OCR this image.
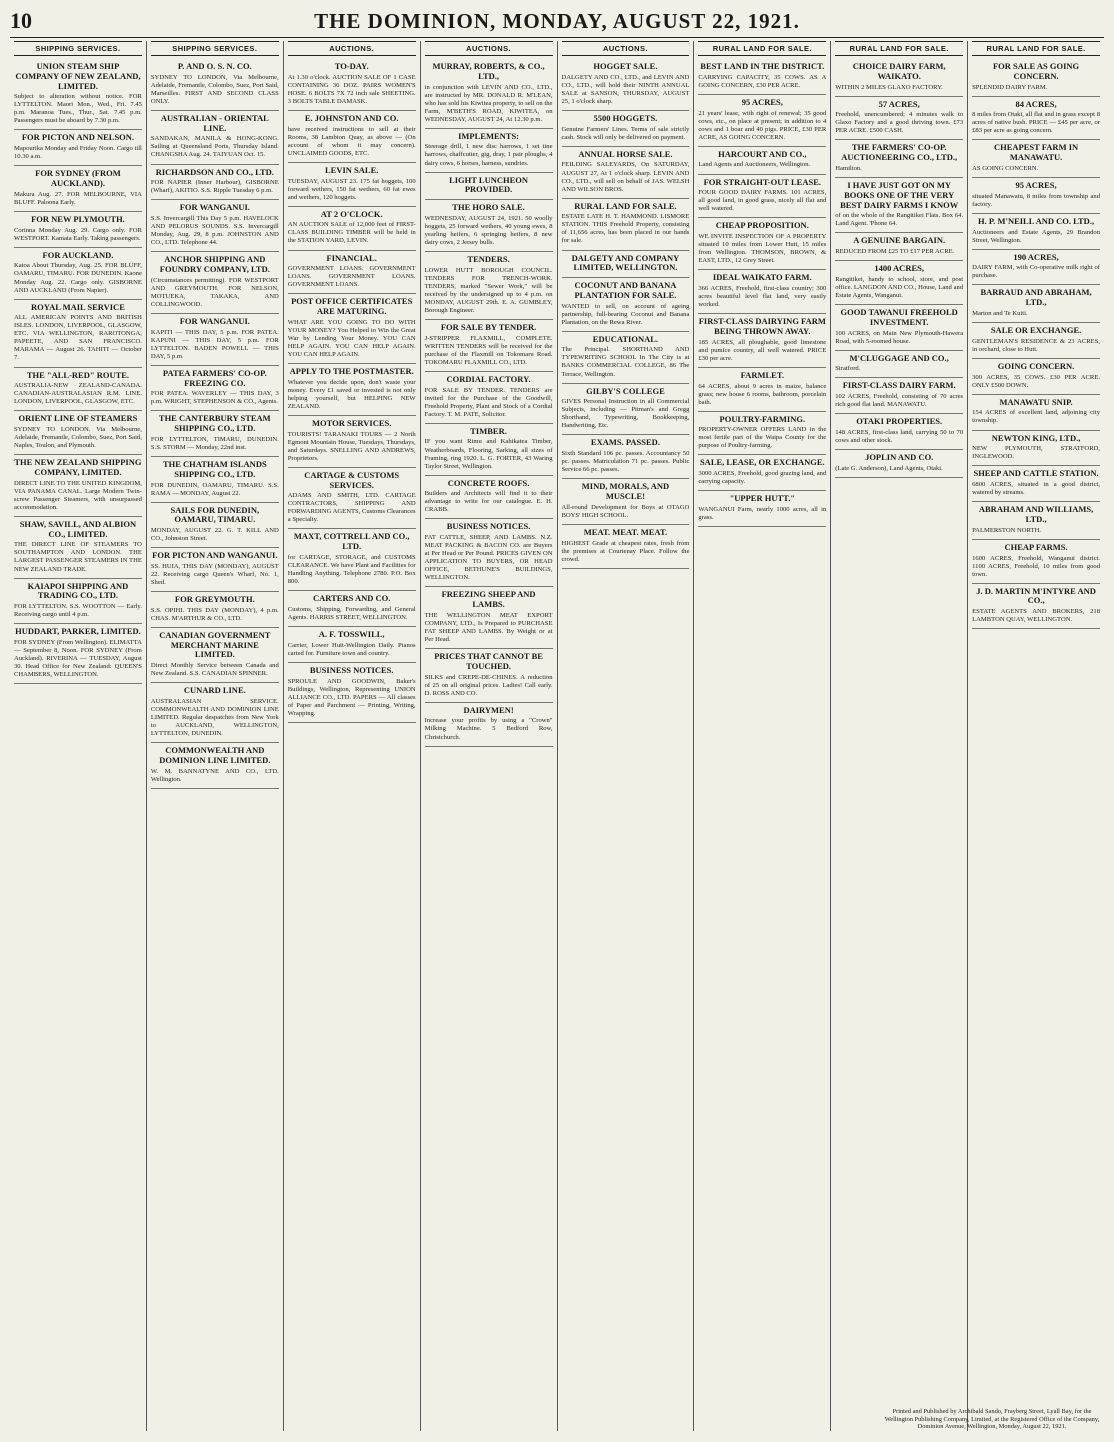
10	THE DOMINION, MONDAY, AUGUST 22, 1921.
SHIPPING SERVICES.
UNION STEAM SHIP COMPANY OF NEW ZEALAND, LIMITED.
Subject to alteration without notice. FOR LYTTELTON. Maori Mon., Wed., Fri. 7.45 p.m. Maranoa Tues., Thur., Sat. 7.45 p.m. Passengers must be aboard by 7.30 p.m.
FOR PICTON AND NELSON.
Mapourika Monday and Friday Noon. Cargo till 10.30 a.m.
FOR SYDNEY (FROM AUCKLAND).
Makura Aug. 27. FOR MELBOURNE, VIA BLUFF. Paloona Early.
FOR NEW PLYMOUTH.
Corinna Monday Aug. 29. Cargo only. FOR WESTPORT. Kamata Early. Taking passengers.
FOR AUCKLAND.
Katoa About Thursday, Aug. 25. FOR BLUFF, OAMARU, TIMARU. FOR DUNEDIN. Kaone Monday Aug. 22. Cargo only. GISBORNE AND AUCKLAND (From Napier).
ROYAL MAIL SERVICE
ALL AMERICAN POINTS AND BRITISH ISLES. LONDON, LIVERPOOL, GLASGOW, ETC. VIA WELLINGTON, RAROTONGA, PAPEETE, AND SAN FRANCISCO. MARAMA — August 26. TAHITI — October 7.
THE "ALL-RED" ROUTE.
AUSTRALIA-NEW ZEALAND-CANADA. CANADIAN-AUSTRALASIAN R.M. LINE. LONDON, LIVERPOOL, GLASGOW, ETC.
ORIENT LINE OF STEAMERS
SYDNEY TO LONDON. Via Melbourne, Adelaide, Fremantle, Colombo, Suez, Port Said, Naples, Toulon, and Plymouth.
THE NEW ZEALAND SHIPPING COMPANY, LIMITED.
DIRECT LINE TO THE UNITED KINGDOM, VIA PANAMA CANAL. Large Modern Twin-screw Passenger Steamers, with unsurpassed accommodation.
SHAW, SAVILL, AND ALBION CO., LIMITED.
THE DIRECT LINE OF STEAMERS TO SOUTHAMPTON AND LONDON. THE LARGEST PASSENGER STEAMERS IN THE NEW ZEALAND TRADE.
KAIAPOI SHIPPING AND TRADING CO., LTD.
FOR LYTTELTON. S.S. WOOTTON — Early. Receiving cargo until 4 p.m.
HUDDART, PARKER, LIMITED.
FOR SYDNEY (From Wellington). ELIMATTA — September 8, Noon. FOR SYDNEY (From Auckland). RIVERINA — TUESDAY, August 30. Head Office for New Zealand: QUEEN'S CHAMBERS, WELLINGTON.
SHIPPING SERVICES.
P. AND O. S. N. CO.
SYDNEY TO LONDON, Via Melbourne, Adelaide, Fremantle, Colombo, Suez, Port Said, Marseilles. FIRST AND SECOND CLASS ONLY.
AUSTRALIAN - ORIENTAL LINE.
SANDAKAN, MANILA & HONG-KONG. Sailing at Queensland Ports, Thursday Island. CHANGSHA Aug. 24. TAIYUAN Oct. 15.
RICHARDSON AND CO., LTD.
FOR NAPIER (Inner Harbour), GISBORNE (Wharf), AKITIO. S.S. Ripple Tuesday 6 p.m.
FOR WANGANUI.
S.S. Invercargill This Day 5 p.m. HAVELOCK AND PELORUS SOUNDS. S.S. Invercargill Monday, Aug. 29, 8 p.m. JOHNSTON AND CO., LTD. Telephone 44.
ANCHOR SHIPPING AND FOUNDRY COMPANY, LTD.
(Circumstances permitting). FOR WESTPORT AND GREYMOUTH. FOR NELSON, MOTUEKA, TAKAKA, AND COLLINGWOOD.
FOR WANGANUI.
KAPITI — THIS DAY, 5 p.m. FOR PATEA. KAPUNI — THIS DAY, 5 p.m. FOR LYTTELTON. BADEN POWELL — THIS DAY, 5 p.m.
PATEA FARMERS' CO-OP. FREEZING CO.
FOR PATEA. WAVERLEY — THIS DAY, 3 p.m. WRIGHT, STEPHENSON & CO., Agents.
THE CANTERBURY STEAM SHIPPING CO., LTD.
FOR LYTTELTON, TIMARU, DUNEDIN. S.S. STORM — Monday, 22nd inst.
THE CHATHAM ISLANDS SHIPPING CO., LTD.
FOR DUNEDIN, OAMARU, TIMARU. S.S. RAMA — MONDAY, August 22.
SAILS FOR DUNEDIN, OAMARU, TIMARU.
MONDAY, AUGUST 22. G. T. KILL AND CO., Johnston Street.
FOR PICTON AND WANGANUI.
SS. HUIA, THIS DAY (MONDAY), AUGUST 22. Receiving cargo Queen's Wharf, No. 1, Shed.
FOR GREYMOUTH.
S.S. OPIHI. THIS DAY (MONDAY), 4 p.m. CHAS. M'ARTHUR & CO., LTD.
CANADIAN GOVERNMENT MERCHANT MARINE LIMITED.
Direct Monthly Service between Canada and New Zealand. S.S. CANADIAN SPINNER.
CUNARD LINE.
AUSTRALASIAN SERVICE. COMMONWEALTH AND DOMINION LINE LIMITED. Regular despatches from New York to AUCKLAND, WELLINGTON, LYTTELTON, DUNEDIN.
COMMONWEALTH AND DOMINION LINE LIMITED.
W. M. BANNATYNE AND CO., LTD. Wellington.
AUCTIONS.
TO-DAY.
At 1.30 o'clock. AUCTION SALE OF 1 CASE CONTAINING 36 DOZ. PAIRS WOMEN'S HOSE. 6 BOLTS 7X 72 inch sale SHEETING. 3 BOLTS TABLE DAMASK.
E. JOHNSTON AND CO.
have received instructions to sell at their Rooms, 38 Lambton Quay, as above — (On account of whom it may concern). UNCLAIMED GOODS, ETC.
LEVIN SALE.
TUESDAY, AUGUST 23. 175 fat hoggets, 100 forward wethers, 150 fat wethers, 60 fat ewes and wethers, 120 hoggets.
AT 2 O'CLOCK.
AN AUCTION SALE of 12,000 feet of FIRST-CLASS BUILDING TIMBER will be held in the STATION YARD, LEVIN.
FINANCIAL.
GOVERNMENT LOANS. GOVERNMENT LOANS. GOVERNMENT LOANS. GOVERNMENT LOANS.
POST OFFICE CERTIFICATES ARE MATURING.
WHAT ARE YOU GOING TO DO WITH YOUR MONEY? You Helped to Win the Great War by Lending Your Money. YOU CAN HELP AGAIN. YOU CAN HELP AGAIN. YOU CAN HELP AGAIN.
APPLY TO THE POSTMASTER.
Whatever you decide upon, don't waste your money. Every £1 saved or invested is not only helping yourself, but HELPING NEW ZEALAND.
MOTOR SERVICES.
TOURISTS! TARANAKI TOURS — 2 North Egmont Mountain House, Tuesdays, Thursdays, and Saturdays. SNELLING AND ANDREWS, Proprietors.
CARTAGE & CUSTOMS SERVICES.
ADAMS AND SMITH, LTD. CARTAGE CONTRACTORS, SHIPPING AND FORWARDING AGENTS, Customs Clearances a Specialty.
MAXT, COTTRELL AND CO., LTD.
for CARTAGE, STORAGE, and CUSTOMS CLEARANCE. We have Plant and Facilities for Handling Anything. Telephone 2780. P.O. Box 800.
CARTERS AND CO.
Customs, Shipping, Forwarding, and General Agents. HARRIS STREET, WELLINGTON.
A. F. TOSSWILL,
Carrier, Lower Hutt-Wellington Daily. Pianos carted for. Furniture town and country.
BUSINESS NOTICES.
SPROULE AND GOODWIN, Baker's Buildings, Wellington, Representing UNION ALLIANCE CO., LTD. PAPERS — All classes of Paper and Parchment — Printing, Writing, Wrapping.
AUCTIONS.
MURRAY, ROBERTS, & CO., LTD.,
in conjunction with LEVIN AND CO., LTD., are instructed by MR. DONALD R. M'LEAN, who has sold his Kiwitea property, to sell on the Farm, M'BETH'S ROAD, KIWITEA, on WEDNESDAY, AUGUST 24, At 12.30 p.m.
IMPLEMENTS:
Steerage drill, 1 new disc harrows, 1 set tine harrows, chaffcutter, gig, dray, 1 pair ploughs, 4 dairy cows, 6 horses, harness, sundries.
LIGHT LUNCHEON PROVIDED.
THE HORO SALE.
WEDNESDAY, AUGUST 24, 1921. 50 woolly hoggets, 25 forward wethers, 40 young ewes, 8 yearling heifers, 6 springing heifers, 8 new dairy cows, 2 Jersey bulls.
TENDERS.
LOWER HUTT BOROUGH COUNCIL. TENDERS FOR TRENCH-WORK. TENDERS, marked "Sewer Work," will be received by the undersigned up to 4 p.m. on MONDAY, AUGUST 29th. E. A. GUMBLEY, Borough Engineer.
FOR SALE BY TENDER.
J-STRIPPER FLAXMILL, COMPLETE. WRITTEN TENDERS will be received for the purchase of the Flaxmill on Tokomaru Road. TOKOMARU FLAXMILL CO., LTD.
CORDIAL FACTORY.
FOR SALE BY TENDER. TENDERS are invited for the Purchase of the Goodwill, Freehold Property, Plant and Stock of a Cordial Factory. T. M. PATE, Solicitor.
TIMBER.
IF you want Rimu and Kahikatea Timber, Weatherboards, Flooring, Sarking, all sizes of Framing, ring 1920. L. G. FORTER, 43 Waring Taylor Street, Wellington.
CONCRETE ROOFS.
Builders and Architects will find it to their advantage to write for our catalogue. E. H. CRABB.
BUSINESS NOTICES.
FAT CATTLE, SHEEP, AND LAMBS. N.Z. MEAT PACKING & BACON CO. are Buyers at Per Head or Per Pound. PRICES GIVEN ON APPLICATION TO BUYERS, OR HEAD OFFICE, BETHUNE'S BUILDINGS, WELLINGTON.
FREEZING SHEEP AND LAMBS.
THE WELLINGTON MEAT EXPORT COMPANY, LTD., Is Prepared to PURCHASE FAT SHEEP AND LAMBS. By Weight or at Per Head.
PRICES THAT CANNOT BE TOUCHED.
SILKS and CREPE-DE-CHINES. A reduction of 25 on all original prices. Ladies! Call early. D. ROSS AND CO.
DAIRYMEN!
Increase your profits by using a "Crown" Milking Machine. 5 Bedford Row, Christchurch.
AUCTIONS.
HOGGET SALE.
DALGETY AND CO., LTD., and LEVIN AND CO., LTD., will hold their NINTH ANNUAL SALE at SANSON, THURSDAY, AUGUST 25, 1 o'clock sharp.
5500 HOGGETS.
Genuine Farmers' Lines. Terms of sale strictly cash. Stock will only be delivered on payment.
ANNUAL HORSE SALE.
FEILDING SALEYARDS, On SATURDAY, AUGUST 27, At 1 o'clock sharp. LEVIN AND CO., LTD., will sell on behalf of JAS. WELSH AND WILSON BROS.
RURAL LAND FOR SALE.
ESTATE LATE H. T. HAMMOND. LISMORE STATION. THIS Freehold Property, consisting of 11,656 acres, has been placed in our hands for sale.
DALGETY AND COMPANY LIMITED, WELLINGTON.
COCONUT AND BANANA PLANTATION FOR SALE.
WANTED to sell, on account of ageing partnership, full-bearing Coconut and Banana Plantation, on the Rewa River.
EDUCATIONAL.
The Principal. SHORTHAND AND TYPEWRITING SCHOOL In The City is at BANKS COMMERCIAL COLLEGE, 86 The Terrace, Wellington.
GILBY'S COLLEGE
GIVES Personal Instruction in all Commercial Subjects, including — Pitman's and Gregg Shorthand, Typewriting, Bookkeeping, Handwriting, Etc.
EXAMS. PASSED.
Sixth Standard 106 pc. passes. Accountancy 50 pc. passes. Matriculation 71 pc. passes. Public Service 66 pc. passes.
MIND, MORALS, AND MUSCLE!
All-round Development for Boys at OTAGO BOYS' HIGH SCHOOL.
MEAT. MEAT. MEAT.
HIGHEST Grade at cheapest rates, fresh from the premises at Courtenay Place. Follow the crowd.
RURAL LAND FOR SALE.
BEST LAND IN THE DISTRICT.
CARRYING CAPACITY, 35 COWS. AS A GOING CONCERN, £30 PER ACRE.
95 ACRES,
21 years' lease, with right of renewal; 35 good cows, etc., on place at present; in addition to 4 cows and 1 boar and 40 pigs. PRICE, £30 PER ACRE, AS GOING CONCERN.
HARCOURT AND CO.,
Land Agents and Auctioneers, Wellington.
FOR STRAIGHT-OUT LEASE.
FOUR GOOD DAIRY FARMS. 101 ACRES, all good land, in good grass, nicely all flat and well watered.
CHEAP PROPOSITION.
WE INVITE INSPECTION OF A PROPERTY situated 10 miles from Lower Hutt, 15 miles from Wellington. THOMSON, BROWN, & EAST, LTD., 12 Grey Street.
IDEAL WAIKATO FARM.
366 ACRES, Freehold, first-class country; 300 acres beautiful level flat land, very easily worked.
FIRST-CLASS DAIRYING FARM BEING THROWN AWAY.
185 ACRES, all ploughable, good limestone and pumice country, all well watered. PRICE £30 per acre.
FARMLET.
64 ACRES, about 9 acres in maize, balance grass; new house 6 rooms, bathroom, porcelain bath.
POULTRY-FARMING.
PROPERTY-OWNER OFFERS LAND in the most fertile part of the Waipa County for the purpose of Poultry-farming.
SALE, LEASE, OR EXCHANGE.
3000 ACRES, Freehold, good grazing land, and carrying capacity.
"UPPER HUTT."
WANGANUI Farm, nearly 1000 acres, all in grass.
RURAL LAND FOR SALE.
CHOICE DAIRY FARM, WAIKATO.
WITHIN 2 MILES GLAXO FACTORY.
57 ACRES,
Freehold, unencumbered; 4 minutes walk to Glaxo Factory and a good thriving town. £73 PER ACRE. £500 CASH.
THE FARMERS' CO-OP. AUCTIONEERING CO., LTD.,
Hamilton.
I HAVE JUST GOT ON MY BOOKS ONE OF THE VERY BEST DAIRY FARMS I KNOW
of on the whole of the Rangitikei Flats. Box 64. Land Agent. 'Phone 64.
A GENUINE BARGAIN.
REDUCED FROM £25 TO £17 PER ACRE.
1400 ACRES,
Rangitikei, handy to school, store, and post office. LANGDON AND CO., House, Land and Estate Agents, Wanganui.
GOOD TAWANUI FREEHOLD INVESTMENT.
100 ACRES, on Main New Plymouth-Hawera Road, with 5-roomed house.
M'CLUGGAGE AND CO.,
Stratford.
FIRST-CLASS DAIRY FARM.
102 ACRES, Freehold, consisting of 70 acres rich good flat land. MANAWATU.
OTAKI PROPERTIES.
148 ACRES, first-class land, carrying 50 to 70 cows and other stock.
JOPLIN AND CO.
(Late G. Anderson), Land Agents, Otaki.
RURAL LAND FOR SALE.
FOR SALE AS GOING CONCERN.
SPLENDID DAIRY FARM.
84 ACRES,
8 miles from Otaki, all flat and in grass except 8 acres of native bush. PRICE — £45 per acre, or £83 per acre as going concern.
CHEAPEST FARM IN MANAWATU.
AS GOING CONCERN.
95 ACRES,
situated Manawatu, 8 miles from township and factory.
H. P. M'NEILL AND CO. LTD.,
Auctioneers and Estate Agents, 29 Brandon Street, Wellington.
190 ACRES,
DAIRY FARM, with Co-operative milk right of purchase.
BARRAUD AND ABRAHAM, LTD.,
Marton and Te Kuiti.
SALE OR EXCHANGE.
GENTLEMAN'S RESIDENCE & 23 ACRES, in orchard, close to Hutt.
GOING CONCERN.
300 ACRES, 35 COWS. £30 PER ACRE. ONLY £500 DOWN.
MANAWATU SNIP.
154 ACRES of excellent land, adjoining city township.
NEWTON KING, LTD.,
NEW PLYMOUTH, STRATFORD, INGLEWOOD.
SHEEP AND CATTLE STATION.
6800 ACRES, situated in a good district, watered by streams.
ABRAHAM AND WILLIAMS, LTD.,
PALMERSTON NORTH.
CHEAP FARMS.
1600 ACRES, Freehold, Wanganui district. 1100 ACRES, Freehold, 10 miles from good town.
J. D. MARTIN M'INTYRE AND CO.,
ESTATE AGENTS AND BROKERS, 218 LAMBTON QUAY, WELLINGTON.
Printed and Published by Archibald Sando, Frayberg Street, Lyall Bay, for the Wellington Publishing Company, Limited, at the Registered Office of the Company, Dominion Avenue, Wellington, Monday, August 22, 1921.
